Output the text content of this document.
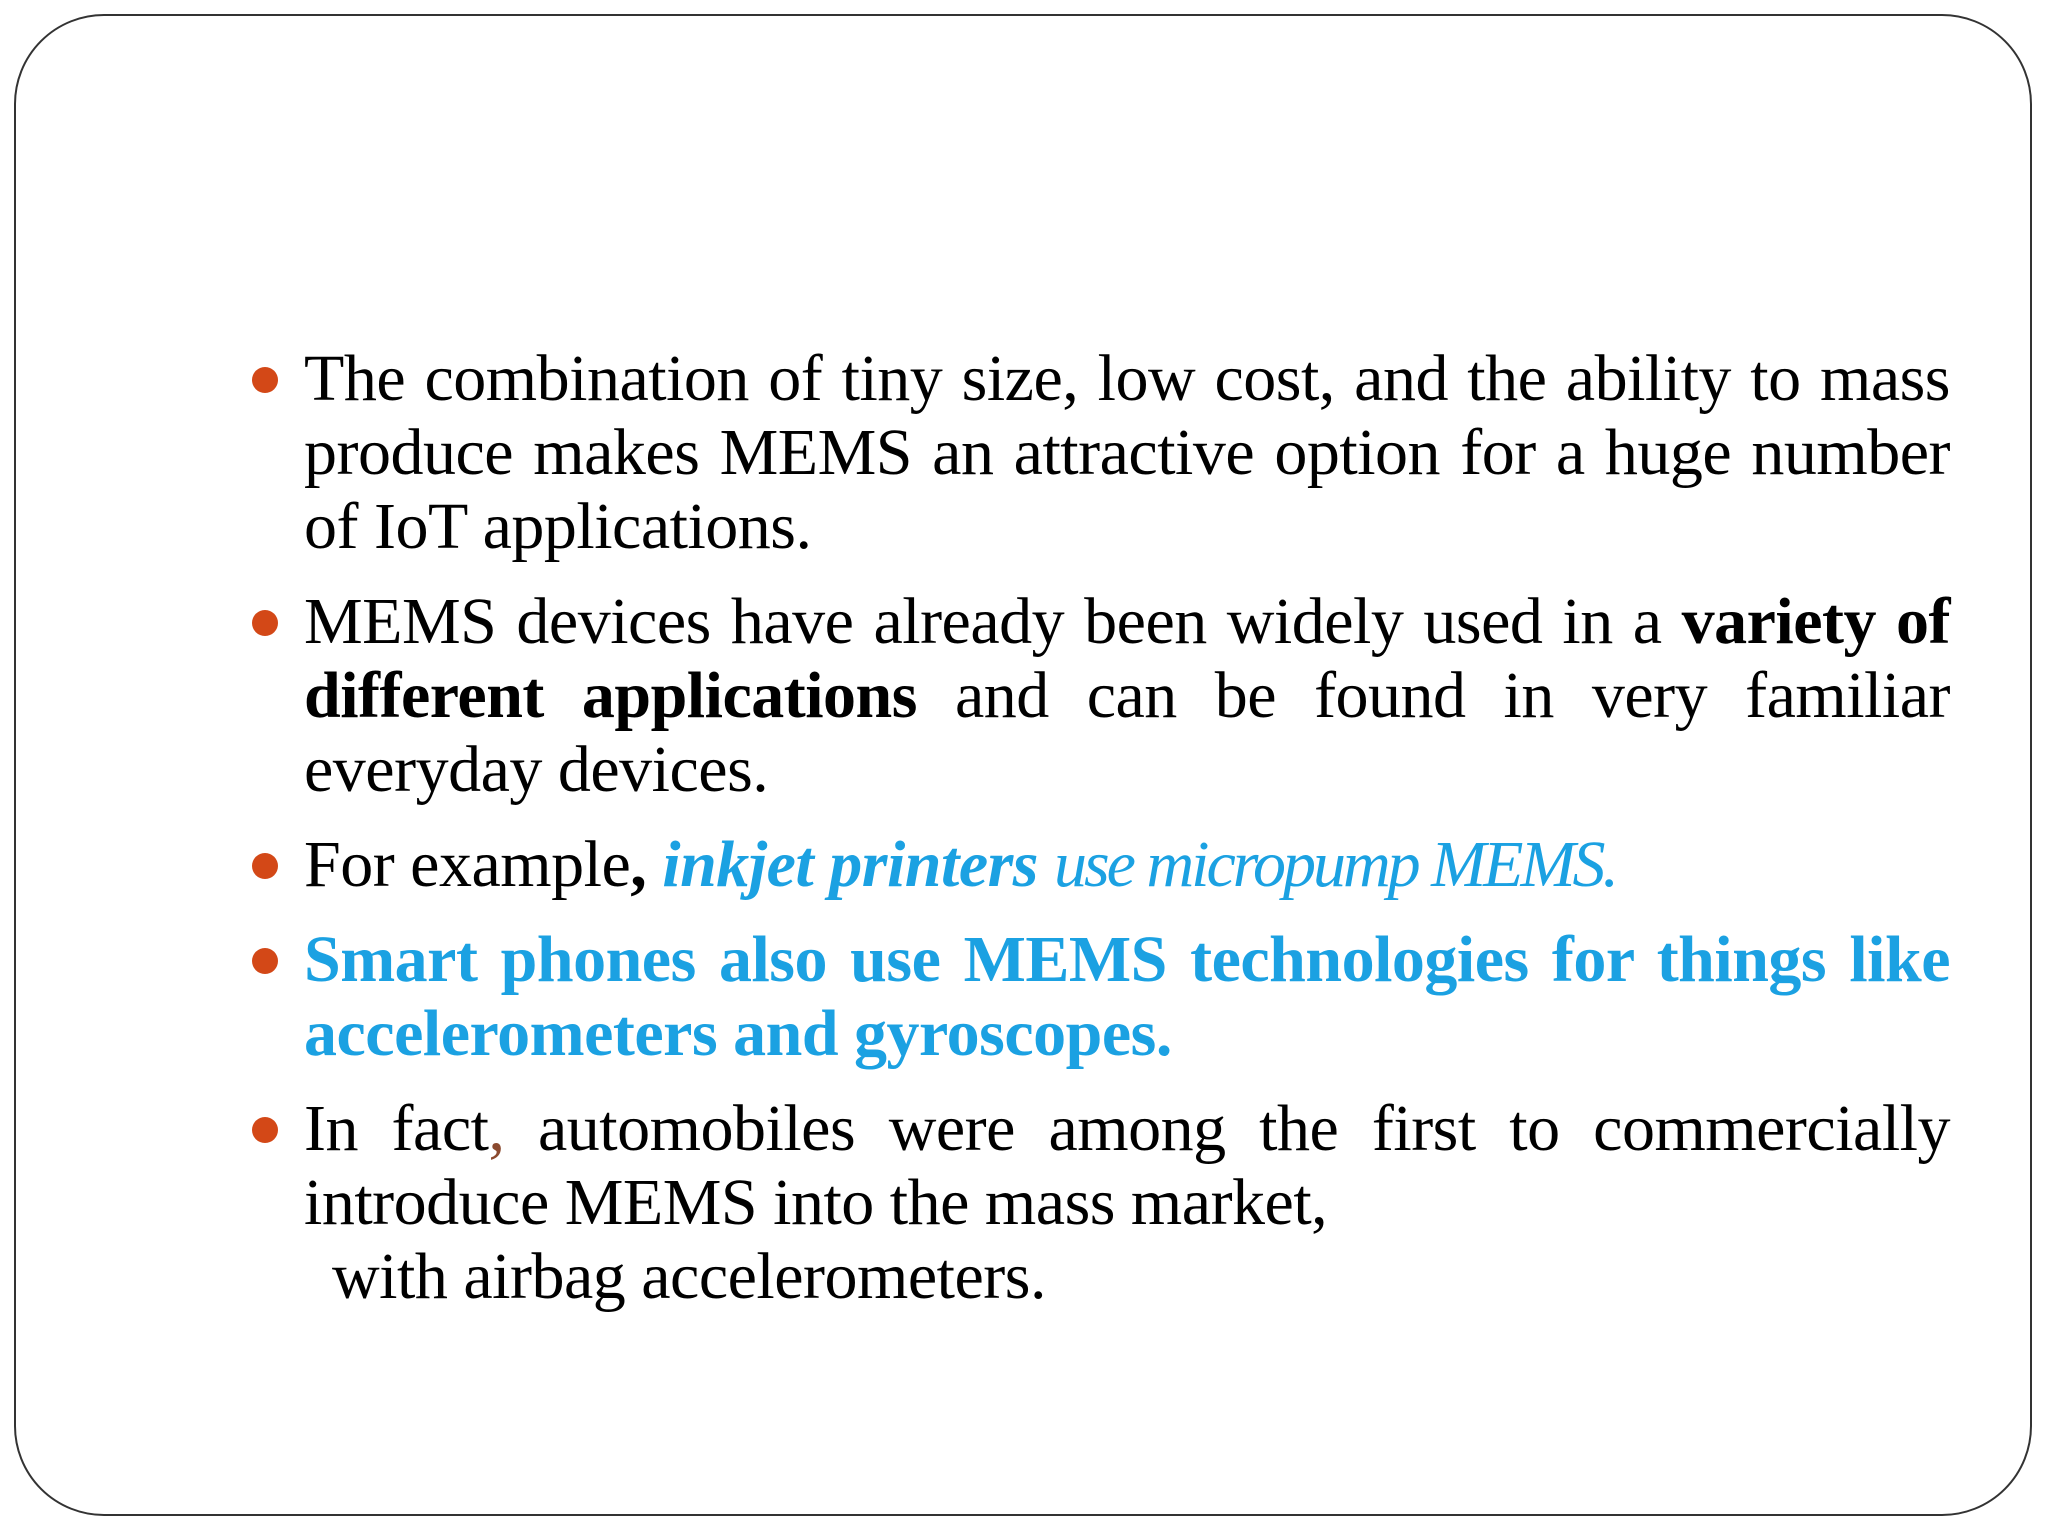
The combination of tiny size, low cost, and the ability to mass produce makes MEMS an attractive option for a huge number of IoT applications.
MEMS devices have already been widely used in a variety of different applications and can be found in very familiar everyday devices.
For example, inkjet printers use micropump MEMS.
Smart phones also use MEMS technologies for things like accelerometers and gyroscopes.
In fact, automobiles were among the first to commercially introduce MEMS into the mass market,
with airbag accelerometers.
